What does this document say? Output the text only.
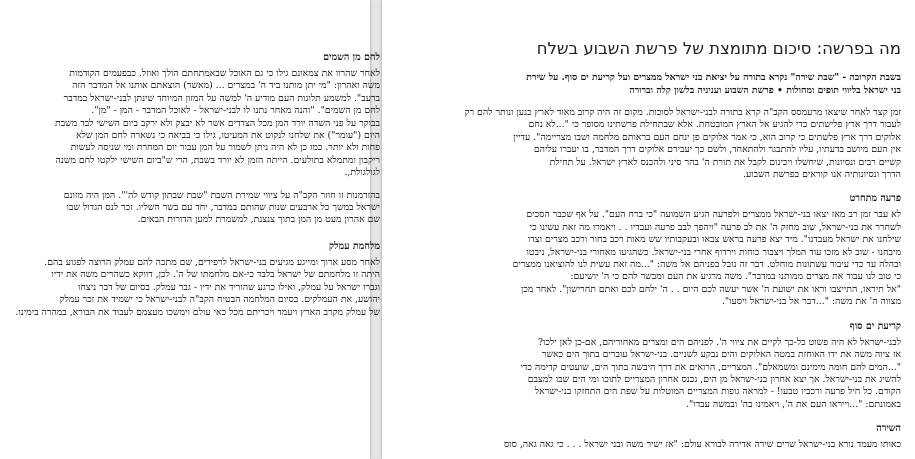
לחם מן השמים
לאחר שהרוו את צמאונם גילו כי גם האוכל שבאמתחתם הולך ואוזל. כבפעמים הקודמות
משה ואהרון: "מי יתן מותנו ביד ה' במצרים ... (מאשר) הוצאתם אותנו אל המדבר הזה
ברעב". למשמע תלונות העם מודיע ה' למשה על המזון המיוחד שינתן לבני-ישראל במדבר
לחם מן השמים". "והנה מאחר נתנו לו לבני-ישראל - לאוכל המדבר - המן - "מן".
בבוקר על פני השדה יורד המן מכל הצדדים אשר לא יבצק ולא ירקב ביום השישי לבד משבת
היום ("עומר") את שלחנו לנקוט את המעיטו, גילו כי בביאה כי נשארה לחם המן שלא
פחות ולא יותר. כמו כן לא היה ניתן לשמור על המן עבור יום המחרת ומי שניסה לעשות
ריקבון ומתמלא בתולעים. הייתה הזמן לא יורד בשבת, הרי ש"ביום השישי ילקטו לחם משנה
לגולגולת,.
בהזדמנות זו חוזר הקב"ה על ציווי שמירת השבת "שבת שבתון קודש לה'". המן היה מזונם
ישראל במשך כל ארבעים שנות שהותם במדבר, יחד עם בשר השליו. זכר לנס הגדול שבו
שם אהרון מעט מן המן בתוך צנצנת, למשמרת למען הדורות הבאים.
מלחמת עמלק
לאחר מסע ארוך ומייגע מגיעים בני-ישראל לרפידים, שם מתכה להם עמלק הרוצה לפגוע בהם.
היתה זו מלחמתם של ישראל בלבד כי-אם מלחמתו של ה'. לכן, דווקא כשהרים משה את ידיו
וגברו ישראל על עמלק, ואילו כרגע שהוריד את ידיו - גבר עמלק. בסיום של דבר ניצחו
יהושע, את העמלקים. בסיום המלחמה הבטיח הקב"ה לבני-ישראל כי ישמיד את זכר עמלק
של עמלק מקרב הארץ ויעמד ויכריתם מכל כאי עולם וימשכו מעצמם לעבוד את הבורא, במהרה בימינו.
מה בפרשה: סיכום מתומצת של פרשת השבוע בשלח
בשבת הקרובה - "שבת שירה" נקרא בתורה על יציאת בני ישראל ממצרים ועל קריעת ים סוף. על שירת
בני ישראל בליווי תופים ומחולות • פרשת השבוע ועניניה בלשון קלה וברורה
זמן קצר לאחר שיצאו מרעמסס הקב"ה קרא בתורה לבני-ישראל לסוכות. מקום זה היה קרוב מאוד לארץ כנען ונותר להם רק
לעבור דרך ארץ פלישתים כדי להגיע אל הארץ המובטחת. אלא שבתחילת פרשתינו מסופר כי "...לא נחם
אלוקים דרך ארץ פלשתים כי קרוב הוא, כי אמר אלוקים פן ינחם העם בראותם מלחמה ושבו מצריימה". עדיין
אין העם מיושב בדעתיו, עליו להתבגר ולהתאחד, ולשם כך יעבירם אלוקים דרך המדבר, בו יעברו עליהם
קשיים רבים ונסיונות, שיחשלו ויכינום לקבל את תורת ה' בהר סיני ולהכנס לארץ ישראל. על תחילת
הדרך ונסיונותיה אנו קוראים בפרשת השבוע.
פרעה מתחרט
לא עבר זמן רב מאז יצאו בני-ישראל ממצרים ולפרעה הגיע השמועה "כי ברח העם". על אף שכבר הסכים
לשחרר את בני-ישראל, שוב מחזק ה' את לב פרעה "ויהפך לבב פרעה ועבדיו . . ויאמרו מה זאת עשינו כי
שילחנו את ישראל מעבדנו". מיד יצא פרעה בראש צבאו ובעקבותיו שש מאות רכב בחור ורכב מצרים וצדו
מיבחנו - שוב לא מזכו עוד המלך ויצבור כוחות וירדוף אחרי בני-ישראל. כשהגיעו מאחורי בני-ישראל, ניבטו
ובהלה עד כדי עיבוד עשתונות מוחלט. דבר זה נובל בפניהם אל משה: "...מה זאת עשית לנו להוציאנו ממצרים
כי טוב לנו עבוד את מצרים ממותנו במדבר". משה מרגיע את העם ומבשר להם כי ה' יושיעם:
"אל תיראו, התייצבו וראו את ישועת ה' אשר יעשה לכם היום . . ה' ילחם לכם ואתם תחרישון". לאחר מכן
מצווה ה' את משה: "...דבר אל בני-ישראל ויסעו".
קריעת ים סוף
לבני-ישראל לא היה פשוט כל-כך לקיים את ציווי ה'. לפניהם הים ומצרים מאחוריהם, אם-כן לאן ילכו?
אז ציוה משה את ידו האוחזת במטה האלוקים והים נבקע לשניים. בני-ישראל עוברים בתוך הים כאשר
"...המים להם חומה מימינם ומשמאלם". המצריים, הרואים את דרך היבשה בתוך הים, שועטים קדימה כדי
להשיג את בני-ישראל. אך יצא אחרון בני-ישראל מן הים, נכנס אחרון המצריים לתוכו ומי הים שבו למצבם
הקודם. כל חיל פרעה ורכביו טבעו! - למראה גופות המצריים המוטלות על שפת הים התחזקו בני-ישראל
באמונתם: "...וייראו העם את ה', ויאמינו בה' ובמשה עבדו".
השירה
כאותו מעמד נורא בני-ישראל שרים שירה אדירה לבורא עולם: "אז ישיר משה ובני ישראל . . . כי גאה גאה, סוס
